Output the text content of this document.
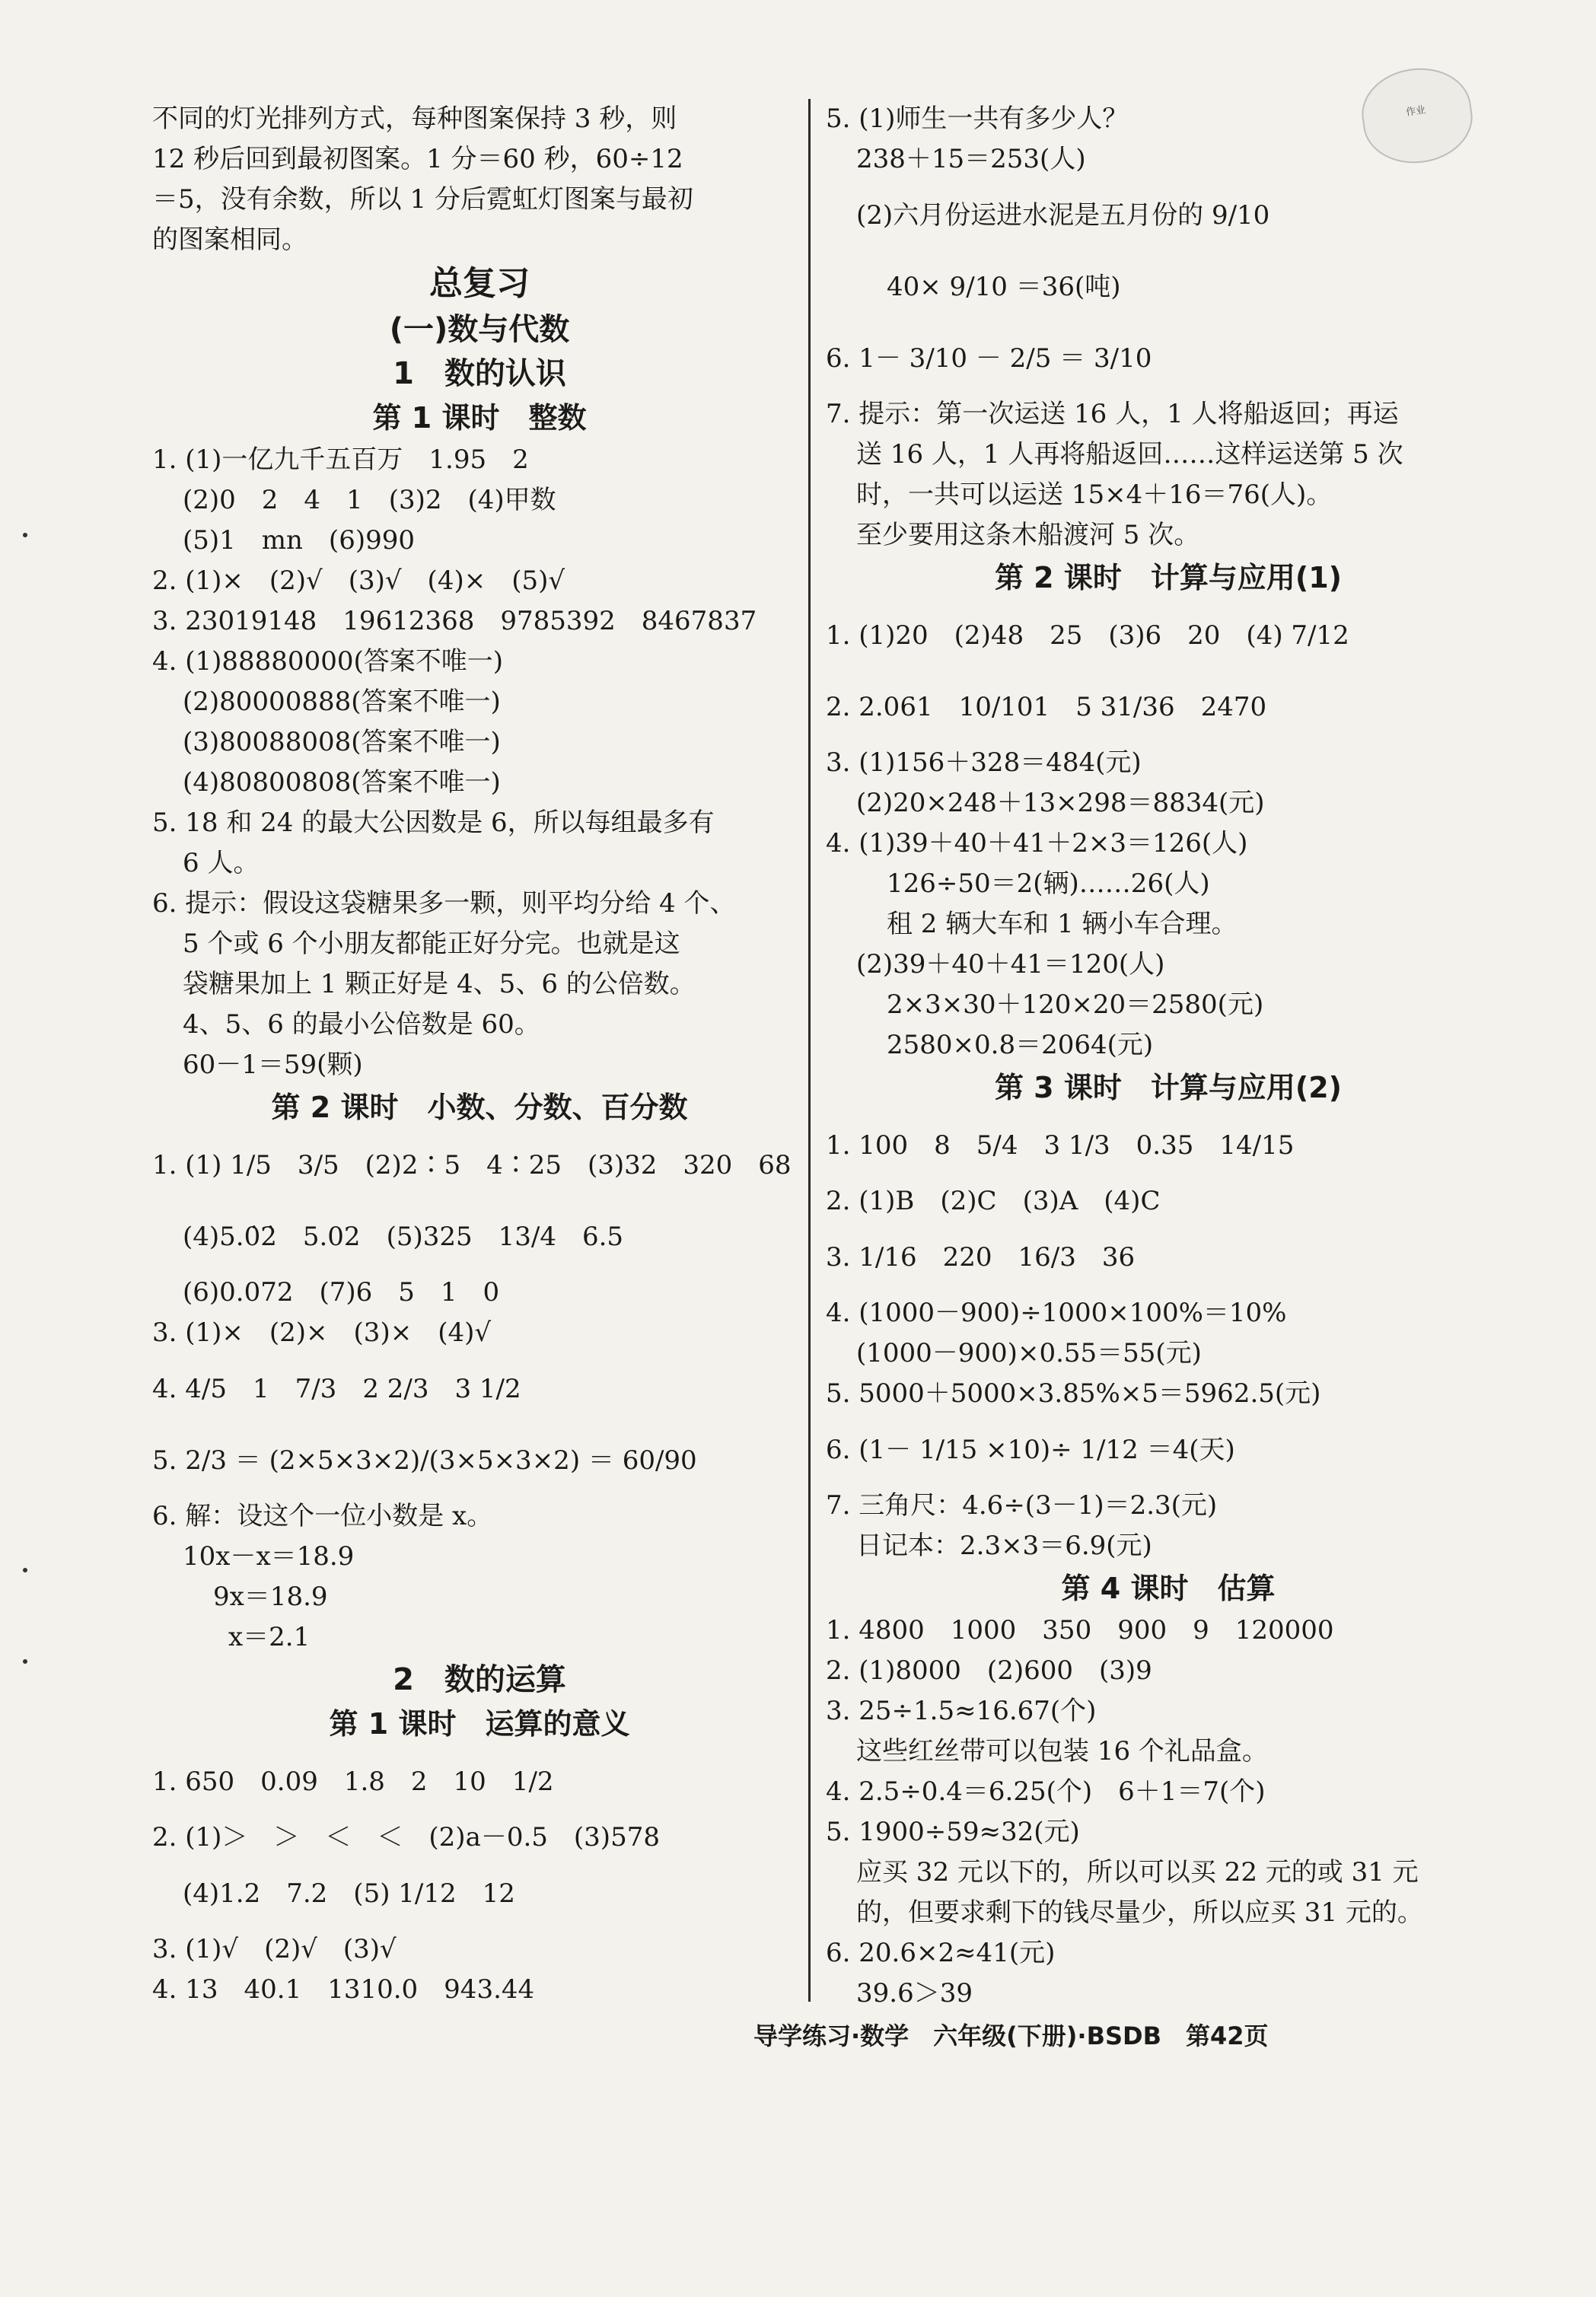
作业
不同的灯光排列方式，每种图案保持 3 秒，则
12 秒后回到最初图案。1 分＝60 秒，60÷12
＝5，没有余数，所以 1 分后霓虹灯图案与最初
的图案相同。
总复习
(一)数与代数
1　数的认识
第 1 课时　整数
1. (1)一亿九千五百万　1.95　2
(2)0　2　4　1　(3)2　(4)甲数
(5)1　mn　(6)990
2. (1)×　(2)√　(3)√　(4)×　(5)√
3. 23019148　19612368　9785392　8467837
4. (1)88880000(答案不唯一)
(2)80000888(答案不唯一)
(3)80088008(答案不唯一)
(4)80800808(答案不唯一)
5. 18 和 24 的最大公因数是 6，所以每组最多有
6 人。
6. 提示：假设这袋糖果多一颗，则平均分给 4 个、
5 个或 6 个小朋友都能正好分完。也就是这
袋糖果加上 1 颗正好是 4、5、6 的公倍数。
4、5、6 的最小公倍数是 60。
60－1＝59(颗)
第 2 课时　小数、分数、百分数
1. (1) 1/5　3/5　(2)2∶5　4∶25　(3)32　320　68
(4)5.0̇2̇　5.02　(5)325　13/4　6.5
(6)0.072　(7)6　5　1　0
3. (1)×　(2)×　(3)×　(4)√
4. 4/5　1　7/3　2 2/3　3 1/2
5. 2/3 ＝ (2×5×3×2)/(3×5×3×2) ＝ 60/90
6. 解：设这个一位小数是 x。
10x－x＝18.9
9x＝18.9
x＝2.1
2　数的运算
第 1 课时　运算的意义
1. 650　0.09　1.8　2　10　1/2
2. (1)＞　＞　＜　＜　(2)a－0.5　(3)578
(4)1.2　7.2　(5) 1/12　12
3. (1)√　(2)√　(3)√
4. 13　40.1　1310.0　943.44
5. (1)师生一共有多少人？
238＋15＝253(人)
(2)六月份运进水泥是五月份的 9/10
40× 9/10 ＝36(吨)
6. 1－ 3/10 － 2/5 ＝ 3/10
7. 提示：第一次运送 16 人，1 人将船返回；再运
送 16 人，1 人再将船返回……这样运送第 5 次
时，一共可以运送 15×4＋16＝76(人)。
至少要用这条木船渡河 5 次。
第 2 课时　计算与应用(1)
1. (1)20　(2)48　25　(3)6　20　(4) 7/12
2. 2.061　10/101　5 31/36　2470
3. (1)156＋328＝484(元)
(2)20×248＋13×298＝8834(元)
4. (1)39＋40＋41＋2×3＝126(人)
126÷50＝2(辆)……26(人)
租 2 辆大车和 1 辆小车合理。
(2)39＋40＋41＝120(人)
2×3×30＋120×20＝2580(元)
2580×0.8＝2064(元)
第 3 课时　计算与应用(2)
1. 100　8　5/4　3 1/3　0.35　14/15
2. (1)B　(2)C　(3)A　(4)C
3. 1/16　220　16/3　36
4. (1000－900)÷1000×100%＝10%
(1000－900)×0.55＝55(元)
5. 5000＋5000×3.85%×5＝5962.5(元)
6. (1－ 1/15 ×10)÷ 1/12 ＝4(天)
7. 三角尺：4.6÷(3－1)＝2.3(元)
日记本：2.3×3＝6.9(元)
第 4 课时　估算
1. 4800　1000　350　900　9　120000
2. (1)8000　(2)600　(3)9
3. 25÷1.5≈16.67(个)
这些红丝带可以包装 16 个礼品盒。
4. 2.5÷0.4＝6.25(个)　6＋1＝7(个)
5. 1900÷59≈32(元)
应买 32 元以下的，所以可以买 22 元的或 31 元
的，但要求剩下的钱尽量少，所以应买 31 元的。
6. 20.6×2≈41(元)
39.6＞39
导学练习·数学　六年级(下册)·BSDB　第42页
